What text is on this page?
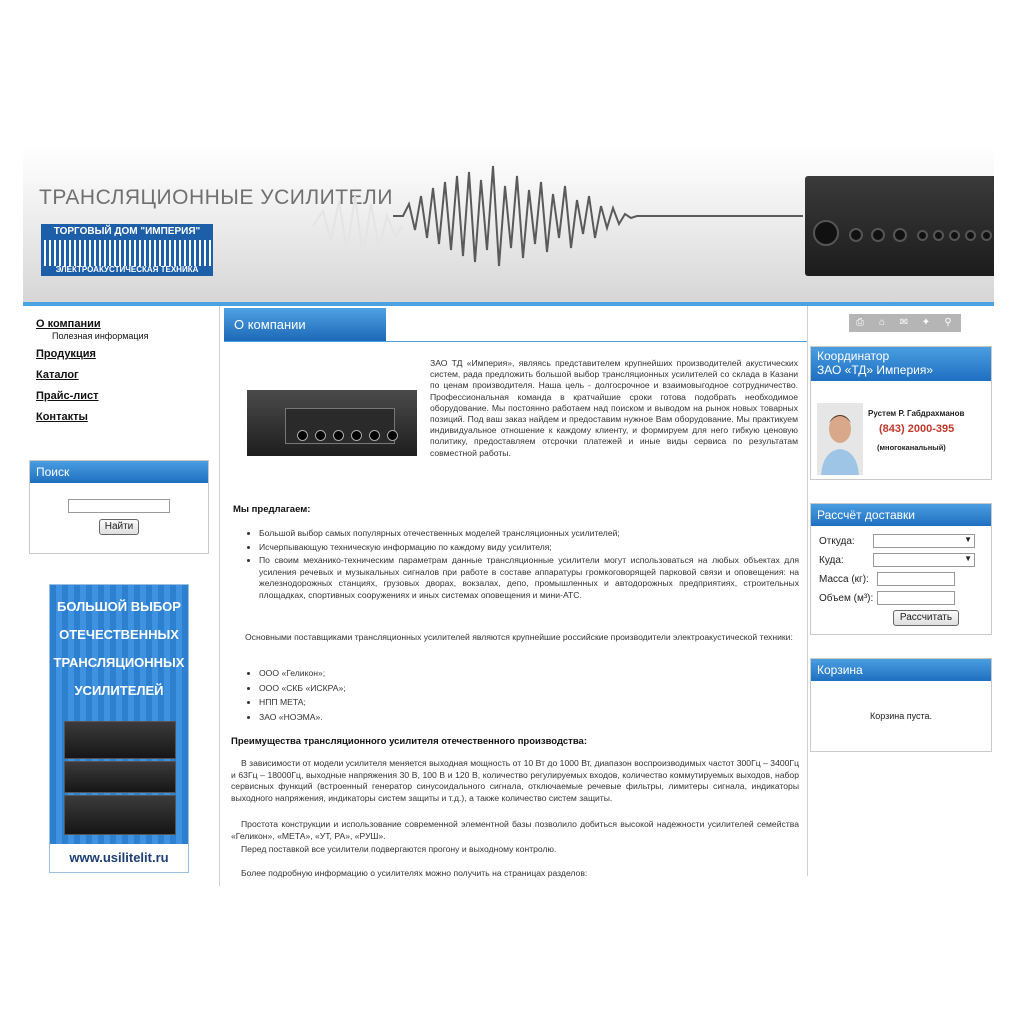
ТРАНСЛЯЦИОННЫЕ УСИЛИТЕЛИ
ТОРГОВЫЙ ДОМ "ИМПЕРИЯ"
ЭЛЕКТРОАКУСТИЧЕСКАЯ ТЕХНИКА
О компании
Полезная информация
Продукция
Каталог
Прайс-лист
Контакты
Поиск
Найти
БОЛЬШОЙ ВЫБОР
ОТЕЧЕСТВЕННЫХ
ТРАНСЛЯЦИОННЫХ
УСИЛИТЕЛЕЙ
www.usilitelit.ru
О компании
ЗАО ТД «Империя», являясь представителем крупнейших производителей акустических систем, рада предложить большой выбор трансляционных усилителей со склада в Казани по ценам производителя. Наша цель - долгосрочное и взаимовыгодное сотрудничество. Профессиональная команда в кратчайшие сроки готова подобрать необходимое оборудование. Мы постоянно работаем над поиском и выводом на рынок новых товарных позиций. Под ваш заказ найдем и предоставим нужное Вам оборудование. Мы практикуем индивидуальное отношение к каждому клиенту, и формируем для него гибкую ценовую политику, предоставляем отсрочки платежей и иные виды сервиса по результатам совместной работы.
Мы предлагаем:
• Большой выбор самых популярных отечественных моделей трансляционных усилителей;
• Исчерпывающую техническую информацию по каждому виду усилителя;
• По своим механико-техническим параметрам данные трансляционные усилители могут использоваться на любых объектах для усиления речевых и музыкальных сигналов при работе в составе аппаратуры громкоговорящей парковой связи и оповещения: на железнодорожных станциях, грузовых дворах, вокзалах, депо, промышленных и автодорожных предприятиях, строительных площадках, спортивных сооружениях и иных системах оповещения и мини-АТС.
Основными поставщиками трансляционных усилителей являются крупнейшие российские производители электроакустической техники:
• ООО «Геликон»;
• ООО «СКБ «ИСКРА»;
• НПП МЕТА;
• ЗАО «НОЭМА».
Преимущества трансляционного усилителя отечественного производства:
В зависимости от модели усилителя меняется выходная мощность от 10 Вт до 1000 Вт, диапазон воспроизводимых частот 300Гц – 3400Гц и 63Гц – 18000Гц, выходные напряжения 30 В, 100 В и 120 В, количество регулируемых входов, количество коммутируемых выходов, набор сервисных функций (встроенный генератор синусоидального сигнала, отключаемые речевые фильтры, лимитеры сигнала, индикаторы выходного напряжения, индикаторы систем защиты и т.д.), а также количество систем защиты.
Простота конструкции и использование современной элементной базы позволило добиться высокой надежности усилителей семейства «Геликон», «МЕТА», «УТ, РА», «РУШ».
Перед поставкой все усилители подвергаются прогону и выходному контролю.
Более подробную информацию о усилителях можно получить на страницах разделов:
⎙	⌂	✉ ✦	⚲
Координатор
ЗАО «ТД» Империя»
Рустем Р. Габдрахманов
(843) 2000-395
(многоканальный)
Рассчёт доставки
Откуда:	▼
Куда:	▼
Масса (кг):
Объем (м³):
Рассчитать
Корзина
Корзина пуста.
